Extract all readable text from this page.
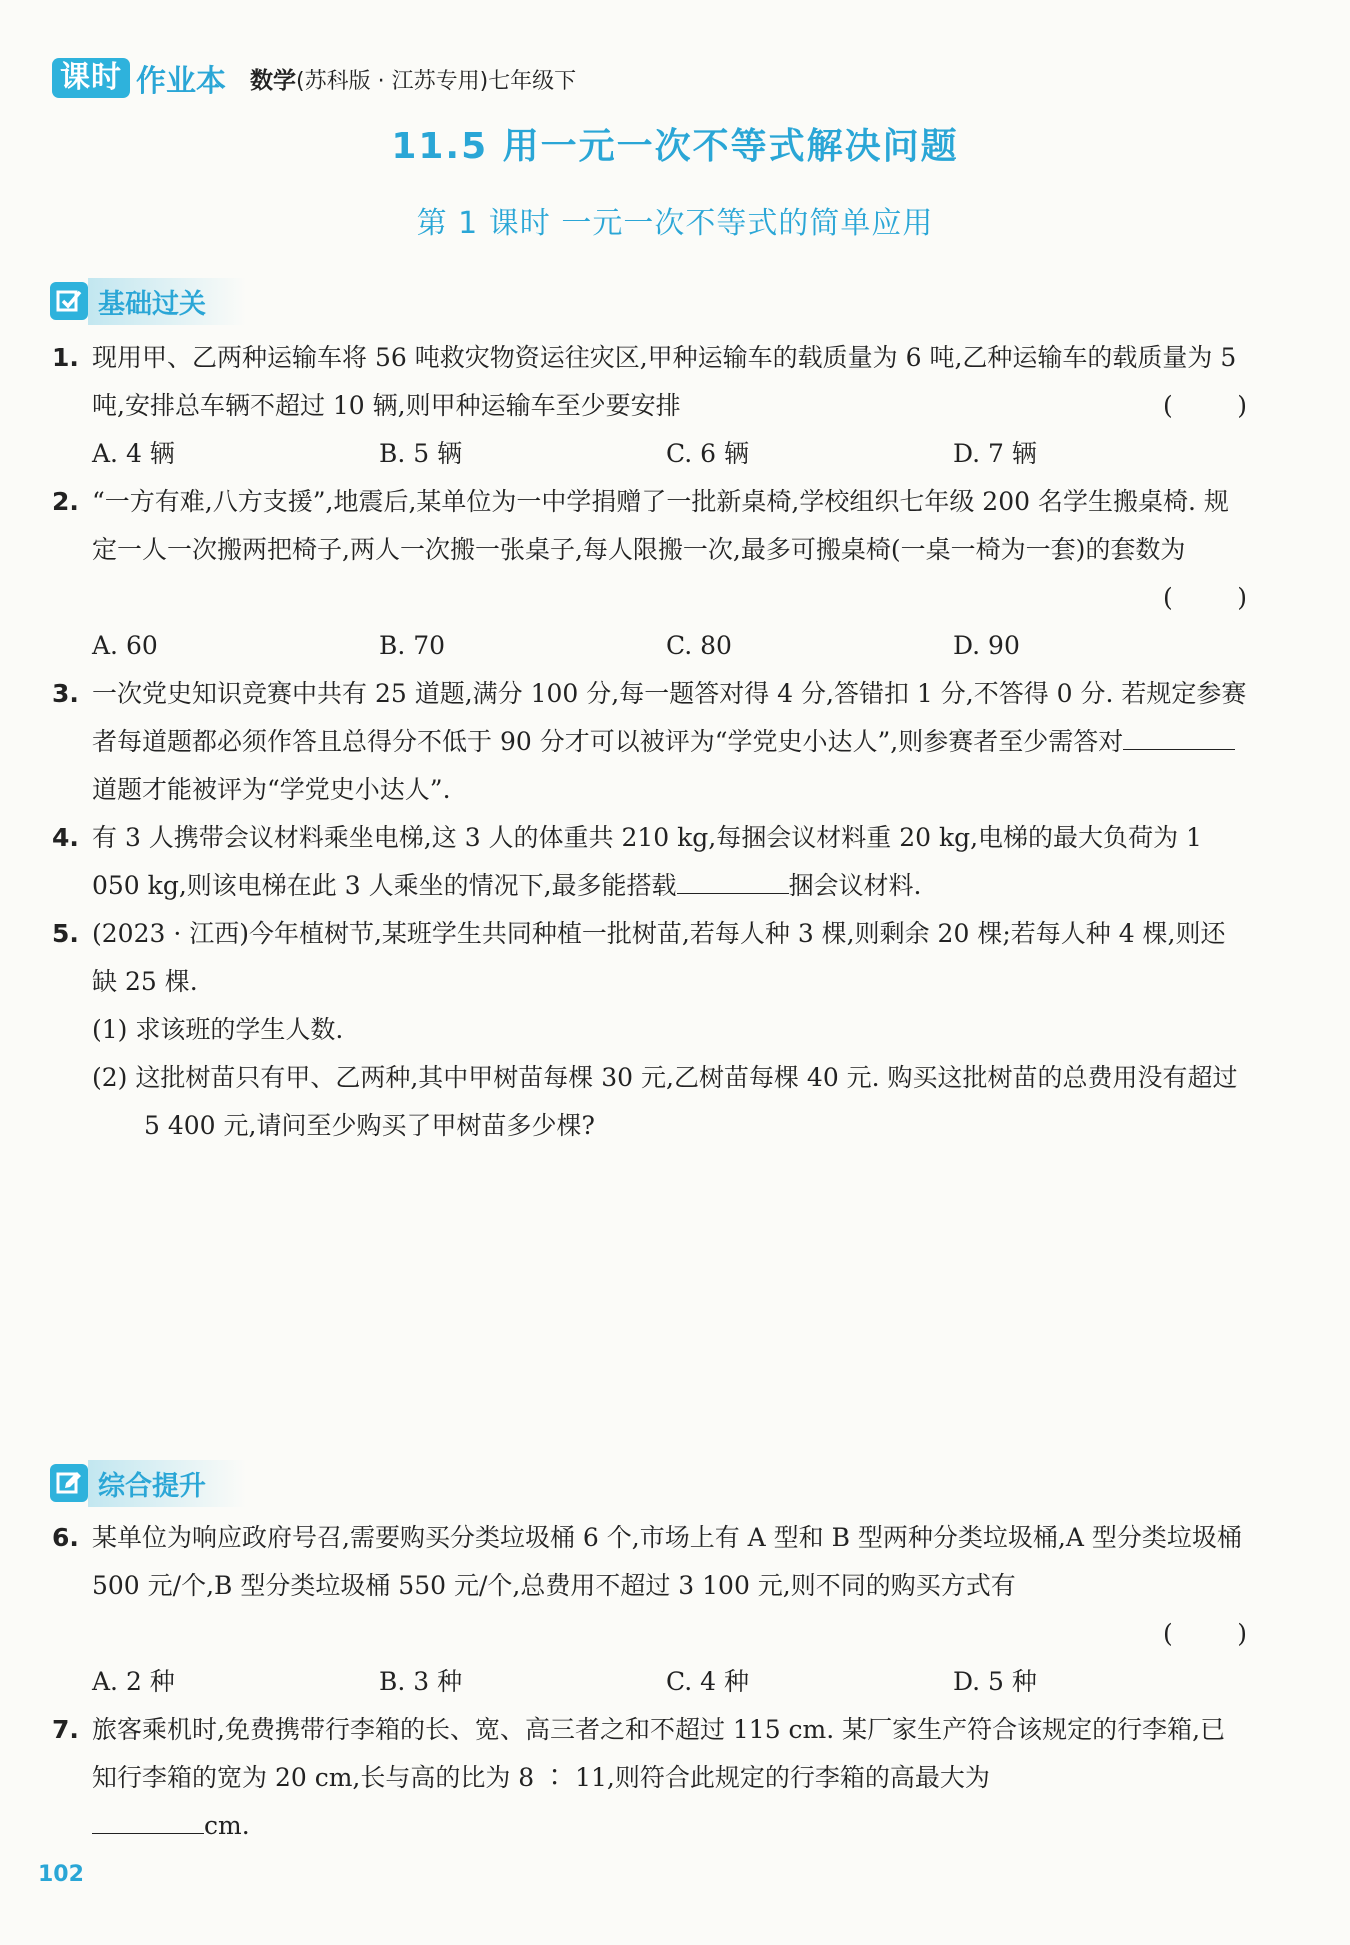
课时 作业本 数学(苏科版 · 江苏专用)七年级下
11.5 用一元一次不等式解决问题
第 1 课时 一元一次不等式的简单应用
基础过关
1. 现用甲、乙两种运输车将 56 吨救灾物资运往灾区,甲种运输车的载质量为 6 吨,乙种运输车的载质量为 5 吨,安排总车辆不超过 10 辆,则甲种运输车至少要安排	(	)
A. 4 辆	B. 5 辆	C. 6 辆	D. 7 辆
2. “一方有难,八方支援”,地震后,某单位为一中学捐赠了一批新桌椅,学校组织七年级 200 名学生搬桌椅. 规定一人一次搬两把椅子,两人一次搬一张桌子,每人限搬一次,最多可搬桌椅(一桌一椅为一套)的套数为
(	)
A. 60	B. 70	C. 80	D. 90
3. 一次党史知识竞赛中共有 25 道题,满分 100 分,每一题答对得 4 分,答错扣 1 分,不答得 0 分. 若规定参赛者每道题都必须作答且总得分不低于 90 分才可以被评为“学党史小达人”,则参赛者至少需答对道题才能被评为“学党史小达人”.
4. 有 3 人携带会议材料乘坐电梯,这 3 人的体重共 210 kg,每捆会议材料重 20 kg,电梯的最大负荷为 1 050 kg,则该电梯在此 3 人乘坐的情况下,最多能搭载	捆会议材料.
5. (2023 · 江西)今年植树节,某班学生共同种植一批树苗,若每人种 3 棵,则剩余 20 棵;若每人种 4 棵,则还缺 25 棵.
(1) 求该班的学生人数.
(2) 这批树苗只有甲、乙两种,其中甲树苗每棵 30 元,乙树苗每棵 40 元. 购买这批树苗的总费用没有超过 5 400 元,请问至少购买了甲树苗多少棵?
综合提升
6. 某单位为响应政府号召,需要购买分类垃圾桶 6 个,市场上有 A 型和 B 型两种分类垃圾桶,A 型分类垃圾桶 500 元/个,B 型分类垃圾桶 550 元/个,总费用不超过 3 100 元,则不同的购买方式有
(	)
A. 2 种	B. 3 种	C. 4 种	D. 5 种
7. 旅客乘机时,免费携带行李箱的长、宽、高三者之和不超过 115 cm. 某厂家生产符合该规定的行李箱,已知行李箱的宽为 20 cm,长与高的比为 8 ∶ 11,则符合此规定的行李箱的高最大为
cm.
102
